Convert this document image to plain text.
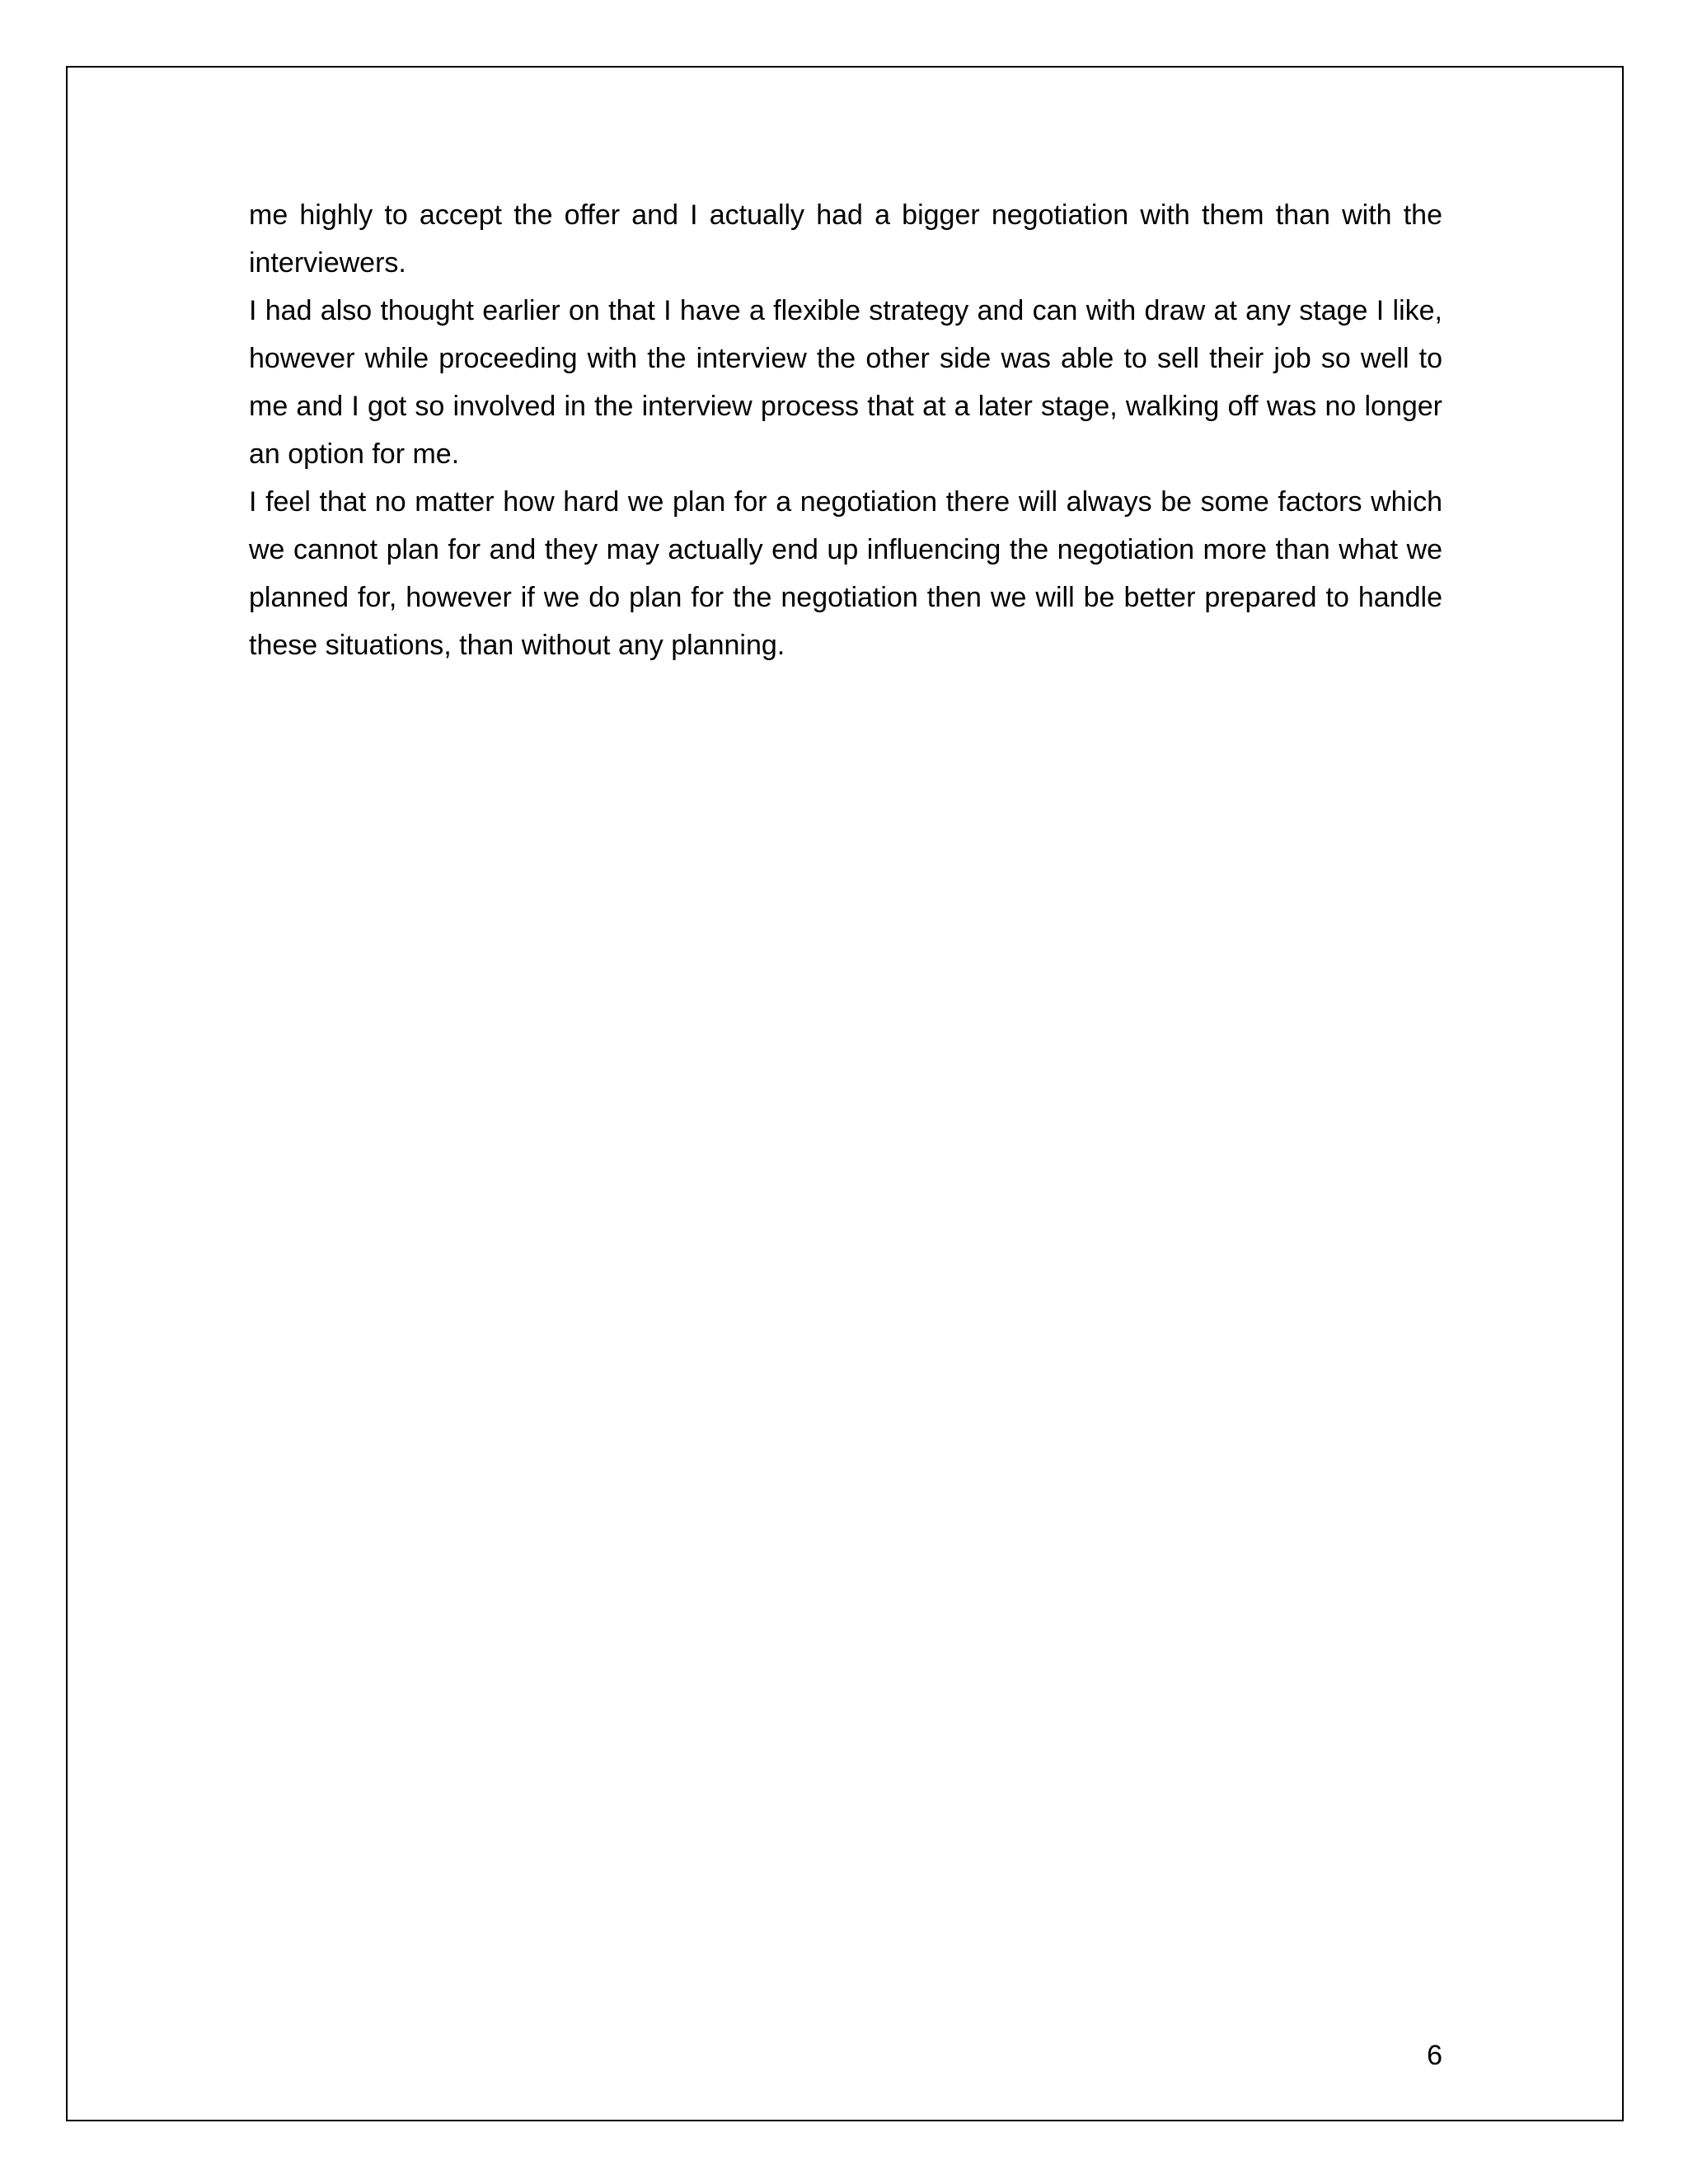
me highly to accept the offer and I actually had a bigger negotiation with them than with the interviewers.

I had also thought earlier on that I have a flexible strategy and can with draw at any stage I like, however while proceeding with the interview the other side was able to sell their job so well to me and I got so involved in the interview process that at a later stage, walking off was no longer an option for me.

I feel that no matter how hard we plan for a negotiation there will always be some factors which we cannot plan for and they may actually end up influencing the negotiation more than what we planned for, however if we do plan for the negotiation then we will be better prepared to handle these situations, than without any planning.

6
